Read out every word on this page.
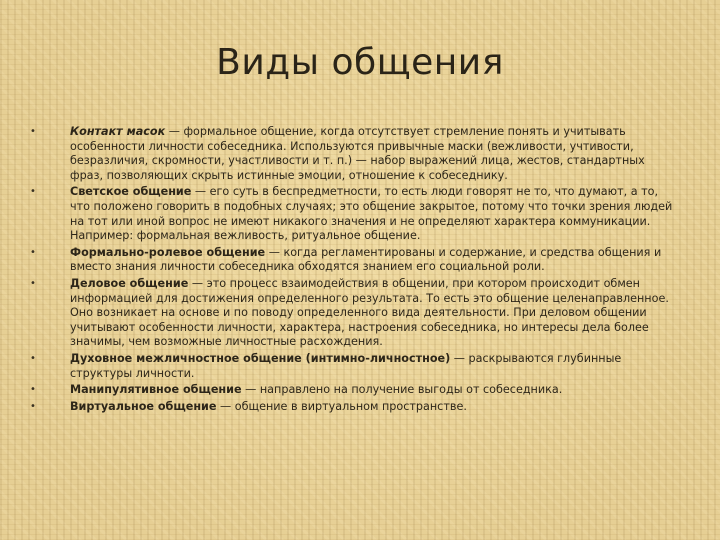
Виды общения
•	Контакт масок — формальное общение, когда отсутствует стремление понять и учитывать особенности личности собеседника. Используются привычные маски (вежливости, учтивости, безразличия, скромности, участливости и т. п.) — набор выражений лица, жестов, стандартных фраз, позволяющих скрыть истинные эмоции, отношение к собеседнику.
•	Светское общение — его суть в беспредметности, то есть люди говорят не то, что думают, а то, что положено говорить в подобных случаях; это общение закрытое, потому что точки зрения людей на тот или иной вопрос не имеют никакого значения и не определяют характера коммуникации. Например: формальная вежливость, ритуальное общение.
•	Формально-ролевое общение — когда регламентированы и содержание, и средства общения и вместо знания личности собеседника обходятся знанием его социальной роли.
•	Деловое общение — это процесс взаимодействия в общении, при котором происходит обмен информацией для достижения определенного результата. То есть это общение целенаправленное. Оно возникает на основе и по поводу определенного вида деятельности. При деловом общении учитывают особенности личности, характера, настроения собеседника, но интересы дела более значимы, чем возможные личностные расхождения.
•	Духовное межличностное общение (интимно-личностное) — раскрываются глубинные структуры личности.
•	Манипулятивное общение — направлено на получение выгоды от собеседника.
•	Виртуальное общение — общение в виртуальном пространстве.
